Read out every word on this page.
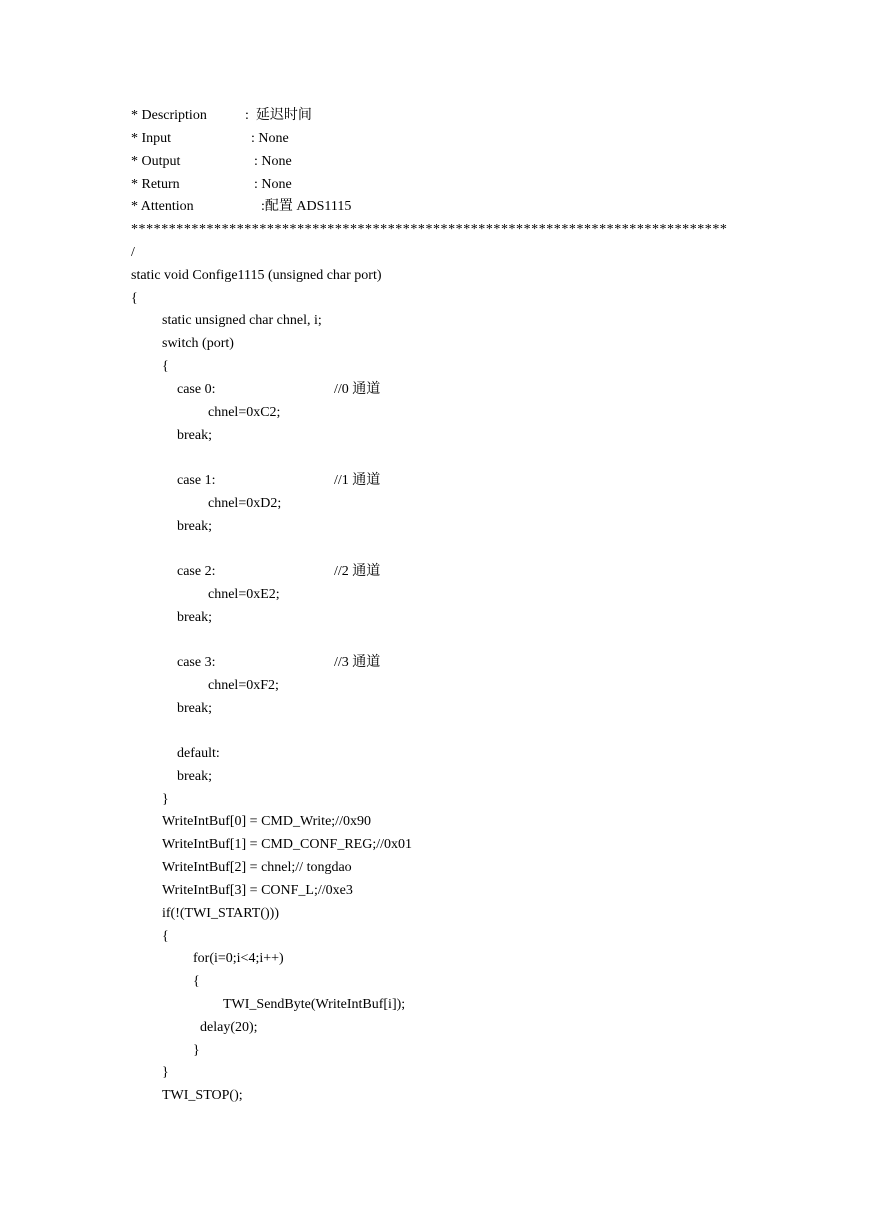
* Description

	:  延迟时间

* Input

	: None

* Output

	: None

* Return

	: None

* Attention

	:配置 ADS1115

*******************************************************************************
/
static void Confige1115 (unsigned char port)
{
static unsigned char chnel, i;
switch (port)
{

case 0:

	//0 通道

chnel=0xC2;
break;

case 1:

	//1 通道

chnel=0xD2;
break;

case 2:

	//2 通道

chnel=0xE2;
break;

case 3:

	//3 通道

chnel=0xF2;
break;
default:
break;
}
WriteIntBuf[0] = CMD_Write;//0x90
WriteIntBuf[1] = CMD_CONF_REG;//0x01
WriteIntBuf[2] = chnel;// tongdao
WriteIntBuf[3] = CONF_L;//0xe3
if(!(TWI_START()))
{
for(i=0;i<4;i++)
{
TWI_SendByte(WriteIntBuf[i]);
delay(20);
}
}
TWI_STOP();
